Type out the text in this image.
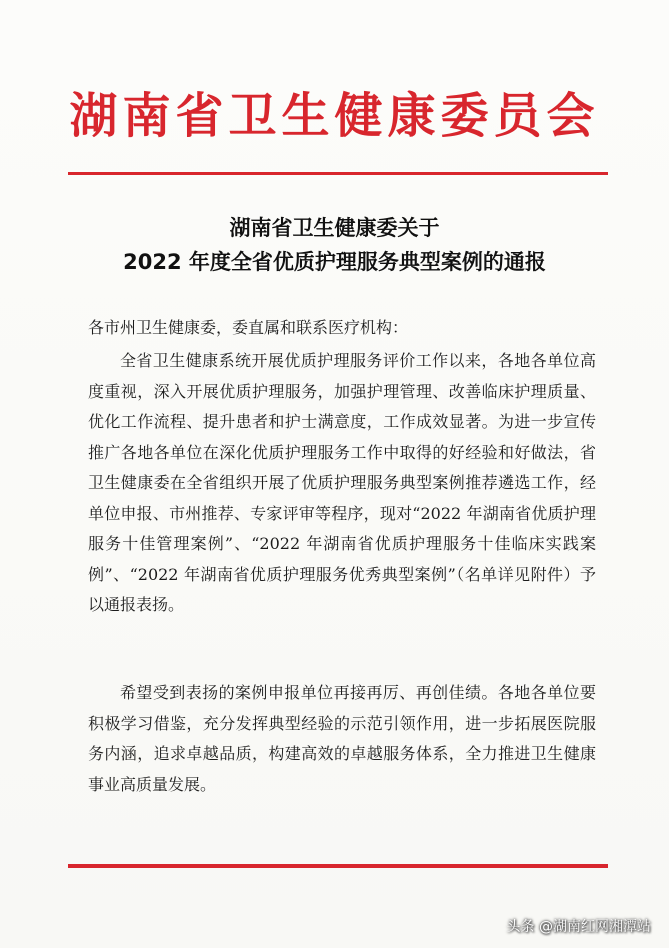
湖南省卫生健康委员会
湖南省卫生健康委关于
2022 年度全省优质护理服务典型案例的通报
各市州卫生健康委，委直属和联系医疗机构：

全省卫生健康系统开展优质护理服务评价工作以来，各地各单位高度重视，深入开展优质护理服务，加强护理管理、改善临床护理质量、优化工作流程、提升患者和护士满意度，工作成效显著。为进一步宣传推广各地各单位在深化优质护理服务工作中取得的好经验和好做法，省卫生健康委在全省组织开展了优质护理服务典型案例推荐遴选工作，经单位申报、市州推荐、专家评审等程序，现对“2022 年湖南省优质护理服务十佳管理案例”、“2022 年湖南省优质护理服务十佳临床实践案例”、“2022 年湖南省优质护理服务优秀典型案例”（名单详见附件）予以通报表扬。

希望受到表扬的案例申报单位再接再厉、再创佳绩。各地各单位要积极学习借鉴，充分发挥典型经验的示范引领作用，进一步拓展医院服务内涵，追求卓越品质，构建高效的卓越服务体系，全力推进卫生健康事业高质量发展。

头条 @湖南红网湘潭站
